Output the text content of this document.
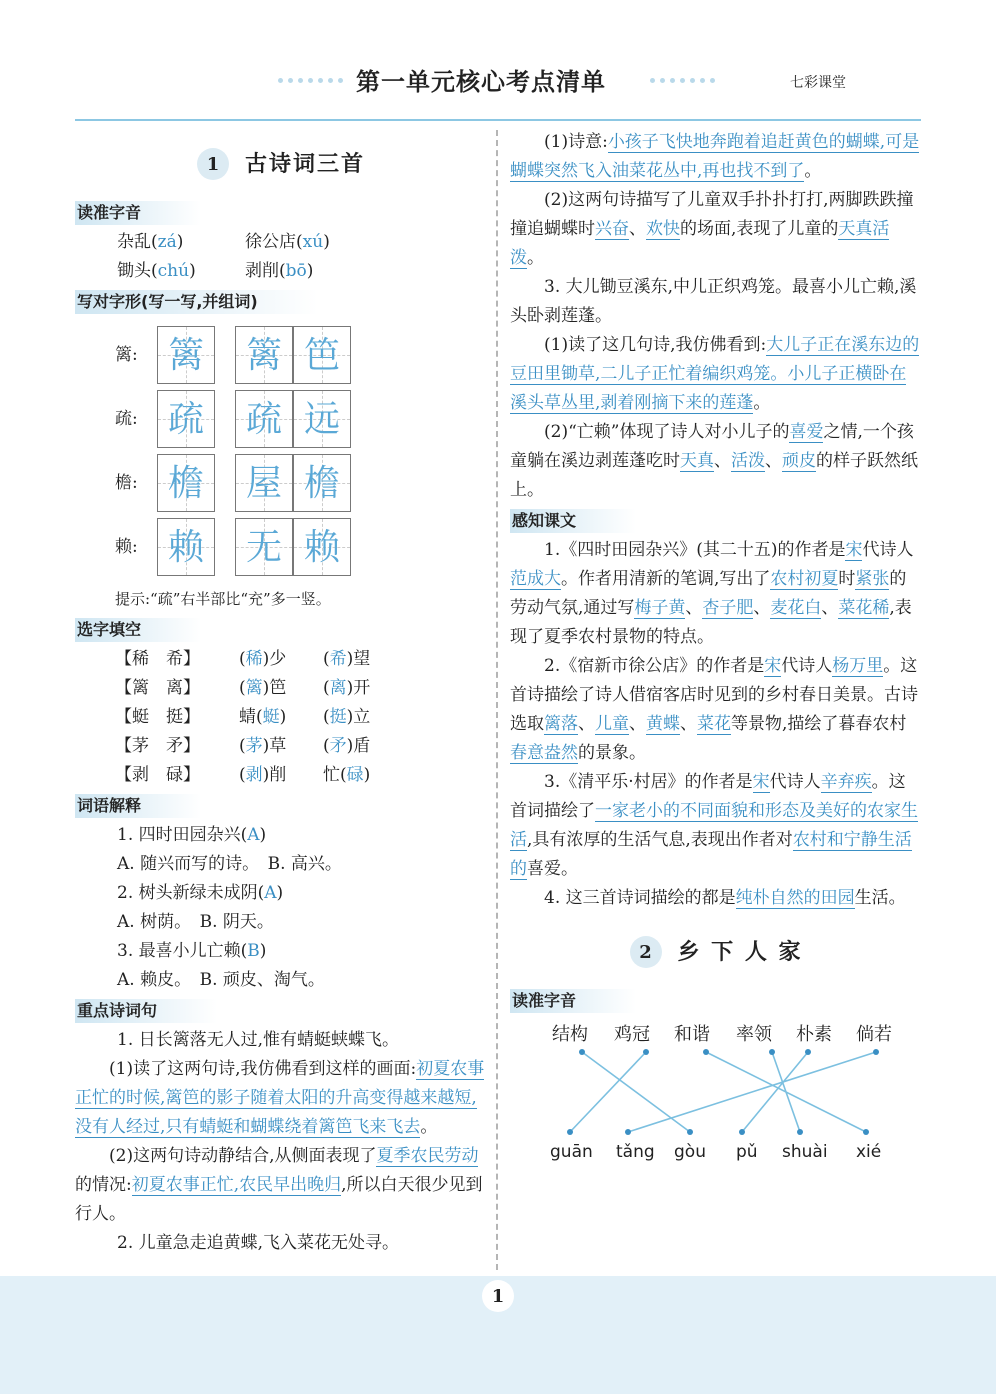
第一单元核心考点清单	七彩课堂
1	古诗词三首
读准字音
杂乱(zá)	徐公店(xú)
锄头(chú)	剥削(bō)
写对字形(写一写,并组词)
篱: 篱 篱 笆
疏: 疏 疏 远
檐: 檐 屋 檐
赖: 赖 无 赖
提示:“疏”右半部比“充”多一竖。
选字填空
【稀　希】 (稀)少 (希)望
【篱　离】 (篱)笆 (离)开
【蜓　挺】 蜻(蜓) (挺)立
【茅　矛】 (茅)草 (矛)盾
【剥　碌】 (剥)削 忙(碌)
词语解释
1. 四时田园杂兴(A)
A. 随兴而写的诗。　B. 高兴。
2. 树头新绿未成阴(A)
A. 树荫。　B. 阴天。
3. 最喜小儿亡赖(B)
A. 赖皮。　B. 顽皮、淘气。
重点诗词句
1. 日长篱落无人过,惟有蜻蜓蛱蝶飞。
(1)读了这两句诗,我仿佛看到这样的画面:初夏农事正忙的时候,篱笆的影子随着太阳的升高变得越来越短,没有人经过,只有蜻蜓和蝴蝶绕着篱笆飞来飞去。
(2)这两句诗动静结合,从侧面表现了夏季农民劳动的情况:初夏农事正忙,农民早出晚归,所以白天很少见到行人。
2. 儿童急走追黄蝶,飞入菜花无处寻。
(1)诗意:小孩子飞快地奔跑着追赶黄色的蝴蝶,可是蝴蝶突然飞入油菜花丛中,再也找不到了。
(2)这两句诗描写了儿童双手扑扑打打,两脚跌跌撞撞追蝴蝶时兴奋、欢快的场面,表现了儿童的天真活泼。
3. 大儿锄豆溪东,中儿正织鸡笼。最喜小儿亡赖,溪头卧剥莲蓬。
(1)读了这几句诗,我仿佛看到:大儿子正在溪东边的豆田里锄草,二儿子正忙着编织鸡笼。小儿子正横卧在溪头草丛里,剥着刚摘下来的莲蓬。
(2)“亡赖”体现了诗人对小儿子的喜爱之情,一个孩童躺在溪边剥莲蓬吃时天真、活泼、顽皮的样子跃然纸上。
感知课文
1.《四时田园杂兴》(其二十五)的作者是宋代诗人范成大。作者用清新的笔调,写出了农村初夏时紧张的劳动气氛,通过写梅子黄、杏子肥、麦花白、菜花稀,表现了夏季农村景物的特点。
2.《宿新市徐公店》的作者是宋代诗人杨万里。这首诗描绘了诗人借宿客店时见到的乡村春日美景。古诗选取篱落、儿童、黄蝶、菜花等景物,描绘了暮春农村春意盎然的景象。
3.《清平乐·村居》的作者是宋代诗人辛弃疾。这首词描绘了一家老小的不同面貌和形态及美好的农家生活,具有浓厚的生活气息,表现出作者对农村和宁静生活的喜爱。
4. 这三首诗词描绘的都是纯朴自然的田园生活。
2	乡 下 人 家
读准字音
结构 鸡冠 和谐 率领 朴素 倘若
guān tǎng gòu pǔ shuài xié
1
